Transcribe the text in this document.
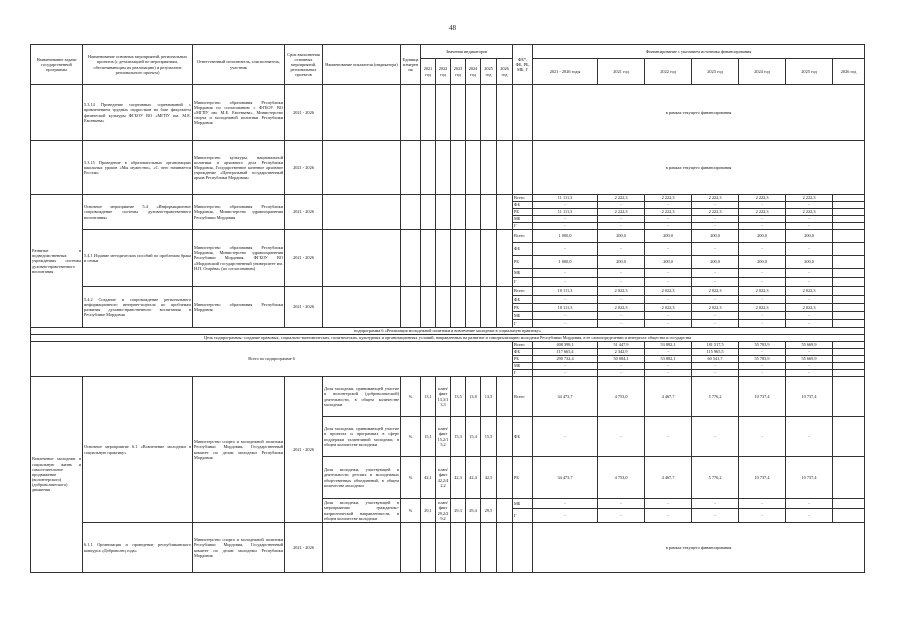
48
Наименование задачи государственной программы	Наименование основных мероприятий, региональных проектов (с детализацией по мероприятиям, обеспечивающим их реализацию) и результатов регионального проекта)	Ответственный исполнитель, соисполнитель, участник	Срок выполнения основных мероприятий, региональных проектов	Наименование показателя (индикатора)	Единица измерения	Значения индикаторов						ФБ*, ФБ, РБ, МБ, Г	Финансирование с указанием источника финансирования						
						2021 год	2022 год	2023 год	2024 год	2025 год	2026 год		2021 - 2026 годы	2021 год	2022 год	2023 год	2024 год	2025 год	2026 год
	5.3.14 Проведение спортивных соревнований с привлечением трудных подростков на базе факультета физической культуры ФГБОУ ВО «МГПУ им. М.Е. Евсевьева»	Министерство образования Республики Мордовия по согласованию с ФГБОУ ВО «МГПУ им. М.Е. Евсевьева», Министерство спорта и молодежной политики Республики Мордовия	2021 - 2026										в рамках текущего финансирования						
	5.3.15 Проведение в образовательных организациях школьных уроков «Мы мужество», «С чего начинается Россия»	Министерство культуры, национальной политики и архивного дела Республики Мордовия, Государственное казенное архивное учреждение «Центральный государственный архив Республики Мордовия»	2021 - 2026										в рамках текущего финансирования						
Развитие в подведомственных учреждениях системы духовно-нравственного воспитания	Основное мероприятие 5.4 «Информационное сопровождение системы духовно-нравственного воспитания»	Министерство образования Республики Мордовия, Министерство здравоохранения Республики Мордовия	2021 - 2026									Всего	11 111,3	2 222,3	2 222,3	2 222,3	2 222,3	2 222,3	
												ФБ	-	-	-	-	-	-	
												РБ	11 111,3	2 222,3	2 222,3	2 222,3	2 222,3	2 222,3	
												МБ	-	-	-	-	-	-	
												Г	-	-	-	-	-	-	
	5.4.1 Издание методических пособий по проблемам брака и семьи	Министерство образования Республики Мордовия, Министерство здравоохранения Республики Мордовия, ФГБОУ ВО «Мордовский государственный университет им. Н.П. Огарёва» (по согласованию)	2021 - 2026									Всего	1 000,0	200,0	200,0	200,0	200,0	200,0	
												ФБ	-	-	-	-	-	-	
												РБ	1 000,0	200,0	200,0	200,0	200,0	200,0	
												МБ	-	-	-	-	-	-	
												Г	-	-	-	-	-	-	
	5.4.2 Создание и сопровождение регионального информационного интернет-портала по проблемам развития духовно-нравственного воспитания в Республике Мордовия	Министерство образования Республики Мордовия	2021 - 2026									Всего	10 111,3	2 022,3	2 022,3	2 022,3	2 022,3	2 022,3	
												ФБ	-	-	-	-	-	-	
												РБ	10 111,3	2 022,3	2 022,3	2 022,3	2 022,3	2 022,3	
												МБ	-	-	-	-	-	-	
												Г	-	-	-	-	-	-	
подпрограмма 6 «Реализация молодежной политики и вовлечение молодежи в социальную практику»																			
Цель подпрограммы: создание правовых, социально-экономических, политических, культурных и организационных условий, направленных на развитие и самореализацию молодежи Республики Мордовия, в ее самоопределении и интересах общества и государства																			
Всего по подпрограмме 6												Всего	408 398,1	51 447,9	53 882,1	181 517,5	55 783,9	55 669,9	
												ФБ	117 665,4	2 342,9	-	115 965,5	-	-	
												РБ	290 732,4	50 084,1	53 882,1	60 541,7	55 783,9	55 669,9	
												МБ	-	-	-	-	-	-	
												Г	-	-	-	-	-	-	
Вовлечение молодежи в социальную жизнь и самостоятельное продвижение (волонтерского) (добровольческого) движения	Основное мероприятие 6.1 «Вовлечение молодежи в социальную практику»	Министерство спорта и молодежной политики Республики Мордовия, Государственный комитет по делам молодежи Республики Мордовия	2021 - 2026	Доля молодежи, принимающей участие в волонтерской (добровольческой) деятельности, в общем количестве молодежи	%	13,1	план/факт 13,3/13,3	13,5	13,8	13,5		Всего	34 473,7	4 753,0	4 467,7	5 776,2	10 737,4	10 737,4	
				Доля молодежи, принимающей участие в проектах и программах в сфере поддержки талантливой молодежи, в общем количестве молодежи	%	15,1	план/факт 15,2/15,2	15,3	15,4	15,5		ФБ	-	-	-	-	-	-	
				Доля молодежи, участвующей в деятельности детских и молодежных общественных объединений, в общем количестве молодежи	%	42,1	план/факт 42,2/42,2	42,3	42,4	42,5		РБ	34 473,7	4 753,0	4 467,7	5 776,2	10 737,4	10 737,4	
				Доля молодежи, участвующей в мероприятиях гражданско-патриотической направленности, в общем количестве молодежи	%	29,1	план/факт 29,2/29,2	29,3	29,4	29,5		МБ	-	-	-	-	-	-	
												Г	-	-	-	-	-	-	
	6.1.1 Организация и проведение республиканского конкурса «Доброволец года»	Министерство спорта и молодежной политики Республики Мордовия, Государственный комитет по делам молодежи Республики Мордовия	2021 - 2026										в рамках текущего финансирования						
